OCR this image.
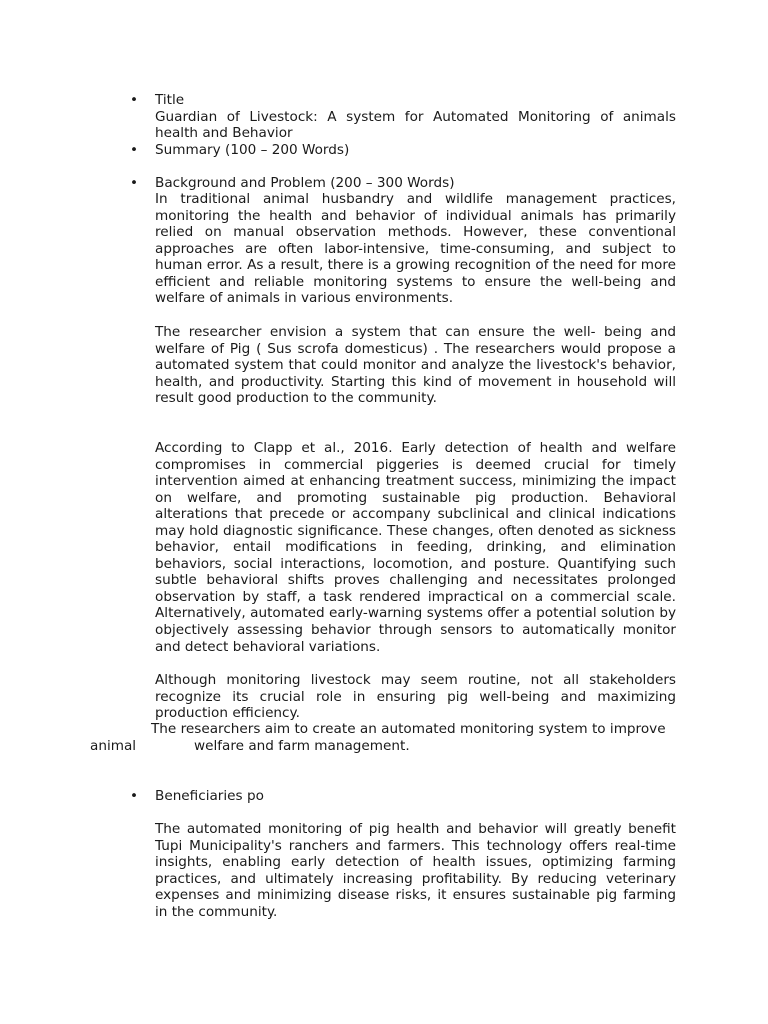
• Title
Guardian of Livestock: A system for Automated Monitoring of animals
health and Behavior
• Summary (100 – 200 Words)
• Background and Problem (200 – 300 Words)
In traditional animal husbandry and wildlife management practices, monitoring the health and behavior of individual animals has primarily relied on manual observation methods. However, these conventional approaches are often labor-intensive, time-consuming, and subject to human error. As a result, there is a growing recognition of the need for more efficient and reliable monitoring systems to ensure the well-being and welfare of animals in various environments.
The researcher envision a system that can ensure the well- being and welfare of Pig ( Sus scrofa domesticus) . The researchers would propose a automated system that could monitor and analyze the livestock's behavior, health, and productivity. Starting this kind of movement in household will result good production to the community.
According to Clapp et al., 2016. Early detection of health and welfare compromises in commercial piggeries is deemed crucial for timely intervention aimed at enhancing treatment success, minimizing the impact on welfare, and promoting sustainable pig production. Behavioral alterations that precede or accompany subclinical and clinical indications may hold diagnostic significance. These changes, often denoted as sickness behavior, entail modifications in feeding, drinking, and elimination behaviors, social interactions, locomotion, and posture. Quantifying such subtle behavioral shifts proves challenging and necessitates prolonged observation by staff, a task rendered impractical on a commercial scale. Alternatively, automated early-warning systems offer a potential solution by objectively assessing behavior through sensors to automatically monitor and detect behavioral variations.
Although monitoring livestock may seem routine, not all stakeholders recognize its crucial role in ensuring pig well-being and maximizing production efficiency.
The researchers aim to create an automated monitoring system to improve
animal	welfare and farm management.
• Beneficiaries po
The automated monitoring of pig health and behavior will greatly benefit Tupi Municipality's ranchers and farmers. This technology offers real-time insights, enabling early detection of health issues, optimizing farming practices, and ultimately increasing profitability. By reducing veterinary expenses and minimizing disease risks, it ensures sustainable pig farming in the community.
